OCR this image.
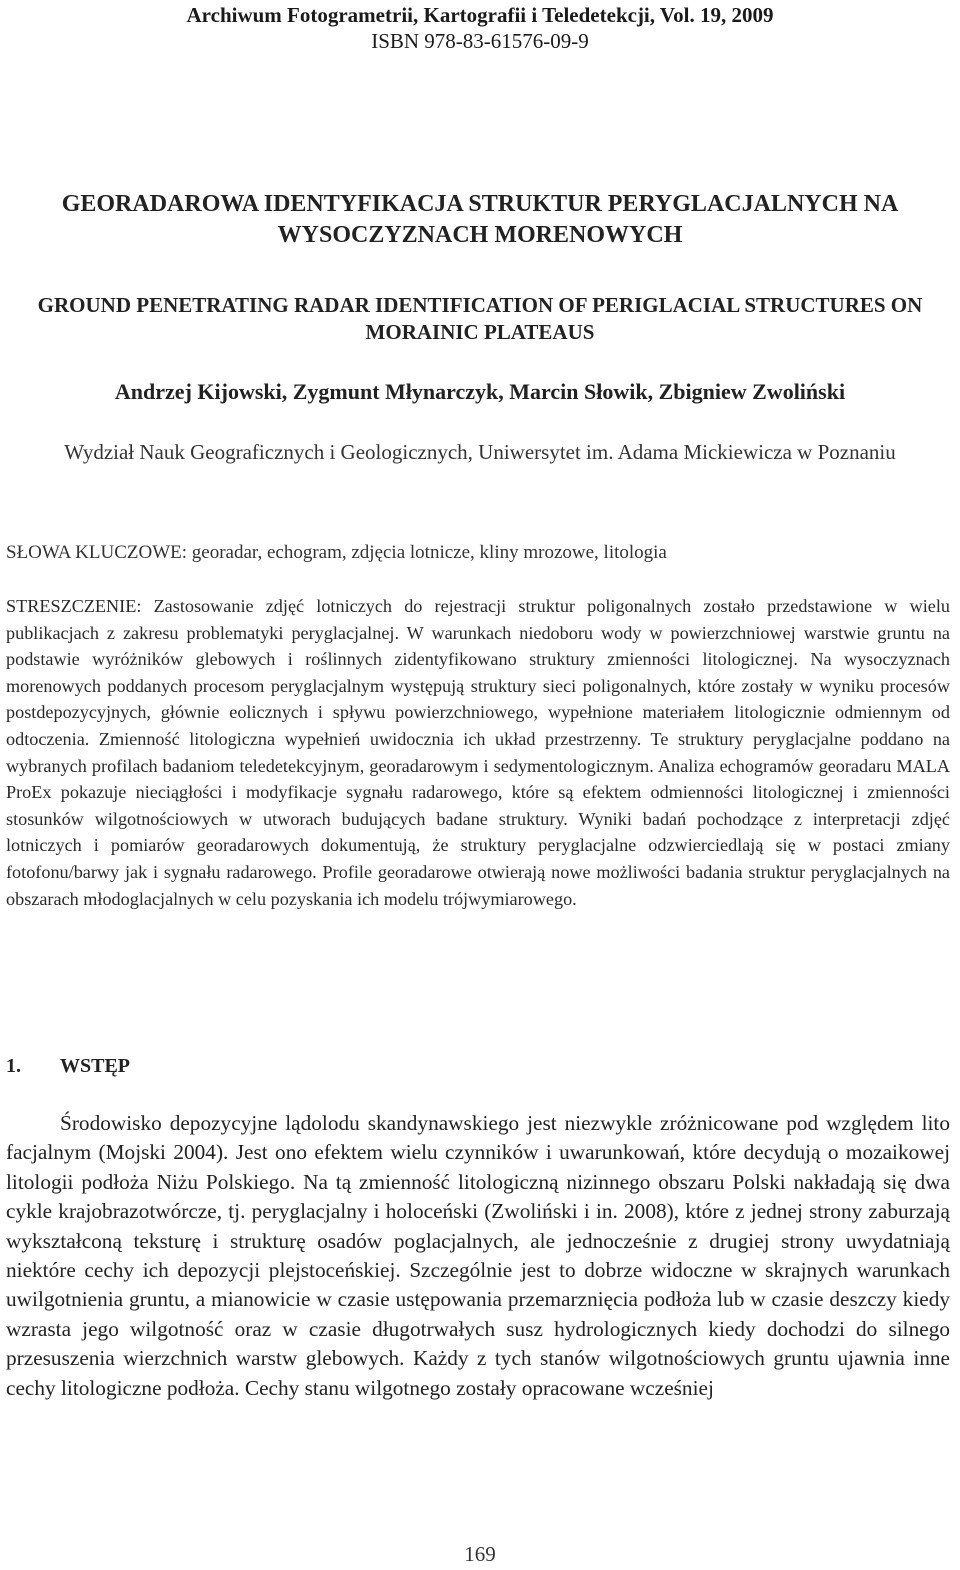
Archiwum Fotogrametrii, Kartografii i Teledetekcji, Vol. 19, 2009
ISBN 978-83-61576-09-9
GEORADAROWA IDENTYFIKACJA STRUKTUR PERYGLACJALNYCH NA WYSOCZYZNACH MORENOWYCH
GROUND PENETRATING RADAR IDENTIFICATION OF PERIGLACIAL STRUCTURES ON MORAINIC PLATEAUS
Andrzej Kijowski, Zygmunt Młynarczyk, Marcin Słowik, Zbigniew Zwoliński
Wydział Nauk Geograficznych i Geologicznych, Uniwersytet im. Adama Mickiewicza w Poznaniu
SŁOWA KLUCZOWE: georadar, echogram, zdjęcia lotnicze, kliny mrozowe, litologia
STRESZCZENIE: Zastosowanie zdjęć lotniczych do rejestracji struktur poligonalnych zostało przedstawione w wielu publikacjach z zakresu problematyki peryglacjalnej. W warunkach niedoboru wody w powierzchniowej warstwie gruntu na podstawie wyróżników glebowych i roślinnych zidentyfikowano struktury zmienności litologicznej. Na wysoczyznach morenowych poddanych procesom peryglacjalnym występują struktury sieci poligonalnych, które zostały w wyniku procesów postdepozycyjnych, głównie eolicznych i spływu powierzchniowego, wypełnione materiałem litologicznie odmiennym od odtoczenia. Zmienność litologiczna wypełnień uwidocznia ich układ przestrzenny. Te struktury peryglacjalne poddano na wybranych profilach badaniom teledetekcyjnym, georadarowym i sedymentologicznym. Analiza echogramów georadaru MALA ProEx pokazuje nieciągłości i modyfikacje sygnału radarowego, które są efektem odmienności litologicznej i zmienności stosunków wilgotnościowych w utworach budujących badane struktury. Wyniki badań pochodzące z interpretacji zdjęć lotniczych i pomiarów georadarowych dokumentują, że struktury peryglacjalne odzwierciedlają się w postaci zmiany fotofonu/barwy jak i sygnału radarowego. Profile georadarowe otwierają nowe możliwości badania struktur peryglacjalnych na obszarach młodoglacjalnych w celu pozyskania ich modelu trójwymiarowego.
1. WSTĘP
Środowisko depozycyjne lądolodu skandynawskiego jest niezwykle zróżnicowane pod względem lito facjalnym (Mojski 2004). Jest ono efektem wielu czynników i uwarunkowań, które decydują o mozaikowej litologii podłoża Niżu Polskiego. Na tą zmienność litologiczną nizinnego obszaru Polski nakładają się dwa cykle krajobrazotwórcze, tj. peryglacjalny i holoceński (Zwoliński i in. 2008), które z jednej strony zaburzają wykształconą teksturę i strukturę osadów poglacjalnych, ale jednocześnie z drugiej strony uwydatniają niektóre cechy ich depozycji plejstoceńskiej. Szczególnie jest to dobrze widoczne w skrajnych warunkach uwilgotnienia gruntu, a mianowicie w czasie ustępowania przemarznięcia podłoża lub w czasie deszczy kiedy wzrasta jego wilgotność oraz w czasie długotrwałych susz hydrologicznych kiedy dochodzi do silnego przesuszenia wierzchnich warstw glebowych. Każdy z tych stanów wilgotnościowych gruntu ujawnia inne cechy litologiczne podłoża. Cechy stanu wilgotnego zostały opracowane wcześniej
169
